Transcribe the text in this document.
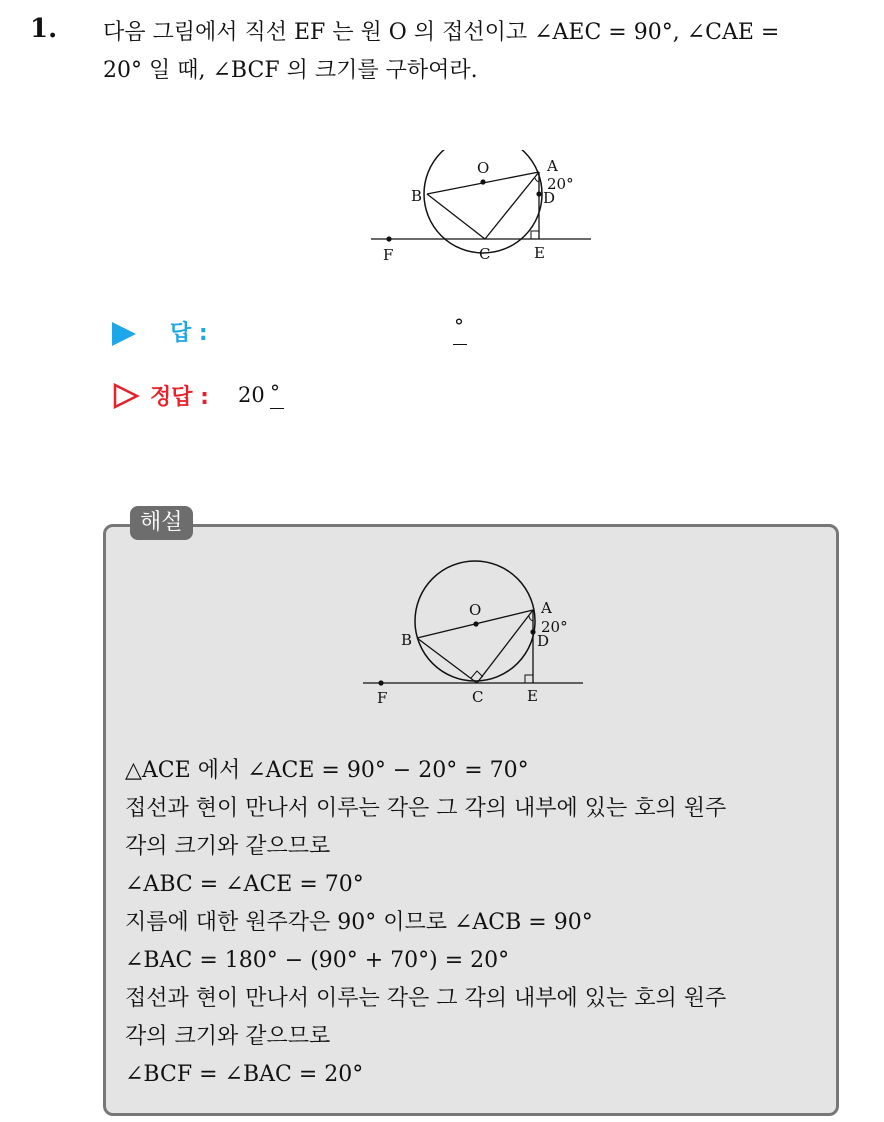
1. 다음 그림에서 직선 EF 는 원 O 의 접선이고 ∠AEC = 90°, ∠CAE =
20° 일 때, ∠BCF 의 크기를 구하여라.
O	A
20°
D
B
F	C	E
답 :	°
정답 : 20 °
해설
O	A
20°
D
B
F	C	E
△ACE 에서 ∠ACE = 90° − 20° = 70°
접선과 현이 만나서 이루는 각은 그 각의 내부에 있는 호의 원주
각의 크기와 같으므로
∠ABC = ∠ACE = 70°
지름에 대한 원주각은 90° 이므로 ∠ACB = 90°
∠BAC = 180° − (90° + 70°) = 20°
접선과 현이 만나서 이루는 각은 그 각의 내부에 있는 호의 원주
각의 크기와 같으므로
∠BCF = ∠BAC = 20°
